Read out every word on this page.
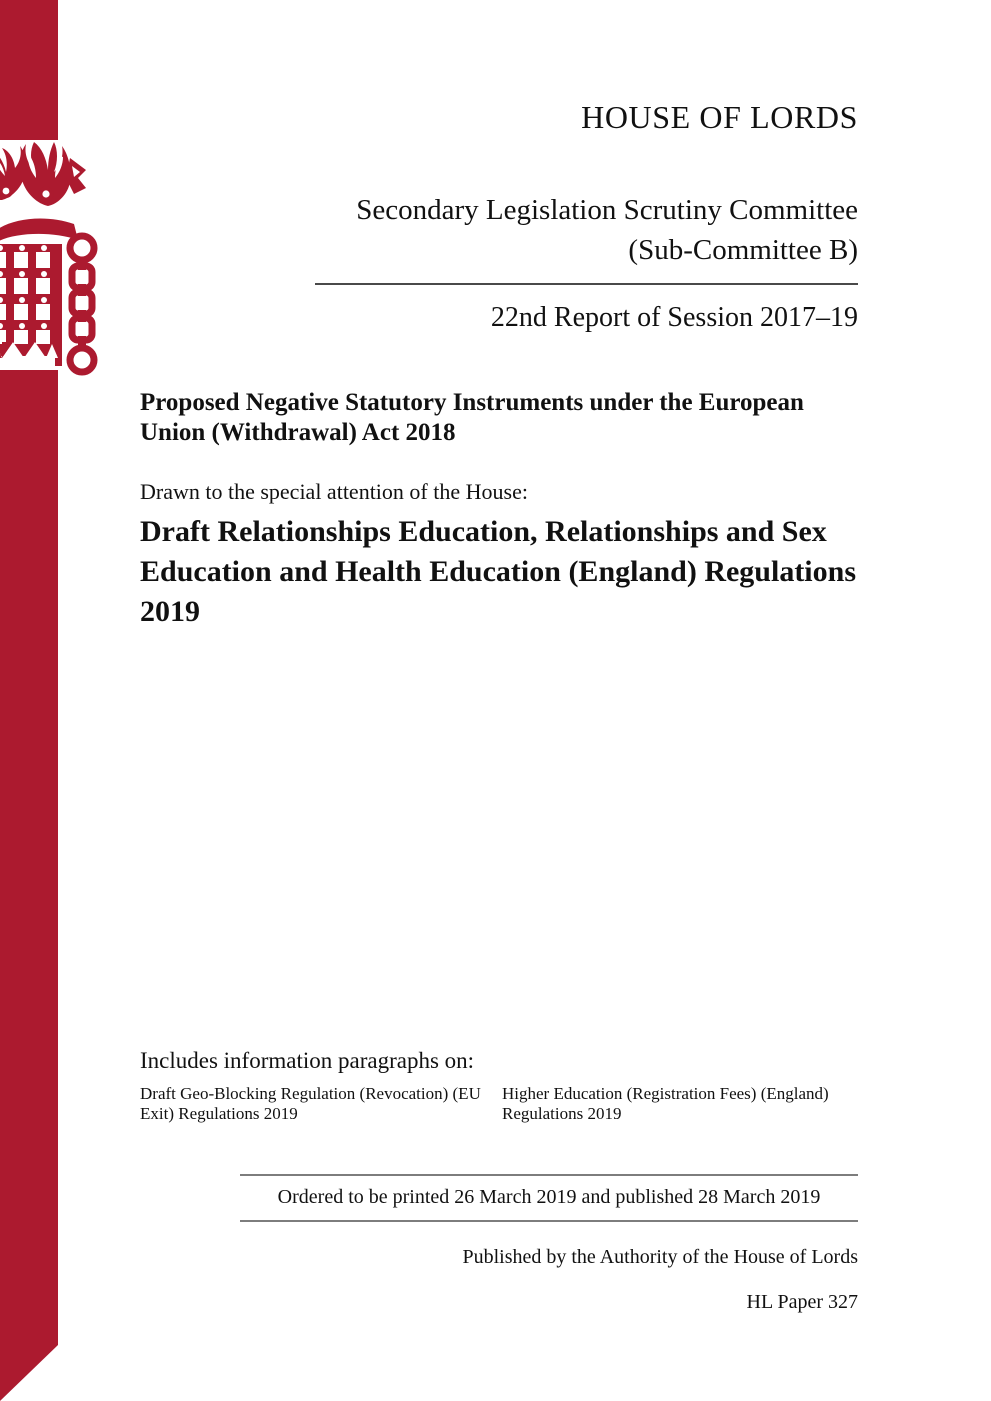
HOUSE OF LORDS
Secondary Legislation Scrutiny Committee
(Sub-Committee B)
22nd Report of Session 2017–19
Proposed Negative Statutory Instruments under the European Union (Withdrawal) Act 2018
Drawn to the special attention of the House:
Draft Relationships Education, Relationships and Sex Education and Health Education (England) Regulations 2019
Includes information paragraphs on:
Draft Geo-Blocking Regulation (Revocation) (EU Exit) Regulations 2019
Higher Education (Registration Fees) (England) Regulations 2019
Ordered to be printed 26 March 2019 and published 28 March 2019
Published by the Authority of the House of Lords
HL Paper 327
